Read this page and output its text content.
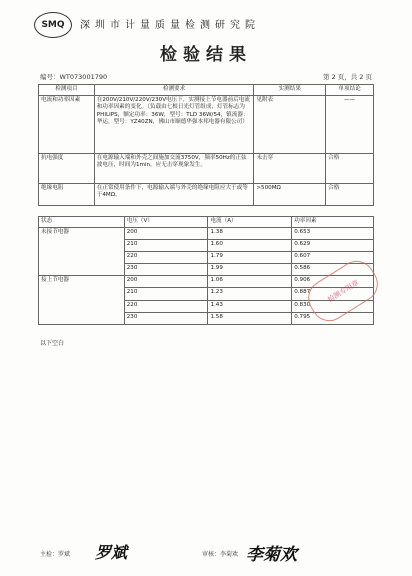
SMQ 深圳市计量质量检测研究院
检验结果
编号：WT073001790	第 2 页，共 2 页
检测项目	检测要求	实测结果	单项结论
电流和功率因素	在200V/210V/220V/230V电压下，实测接上节电器前后电流和功率因素的变化。（负载由七根日光灯管组成，灯管标志为PHILIPS，额定功率：36W，型号：TLD 36W/54，镇流器：华运，型号：YZ40ZN，佛山市顺德华强本邦电器有限公司）	见附表	——
抗电强度	在电源输入端和外壳之间施加交流3750V，频率50Hz的正弦波电压，时间为1min。应无击穿现象发生。	未击穿	合格
绝缘电阻	在正常使用条件下，电源输入端与外壳的绝缘电阻应大于或等于4MΩ。	>500MΩ	合格
状态	电压（V）	电流（A）	功率因素
未接节电器	200	1.38	0.653
	210	1.60	0.629
	220	1.79	0.607
	230	1.99	0.586
接上节电器	200	1.06	0.906
	210	1.23	0.887
	220	1.43	0.830
	230	1.58	0.795
检测专用章
以下空白
主检：罗斌 罗斌	审核：李菊欢 李菊欢
